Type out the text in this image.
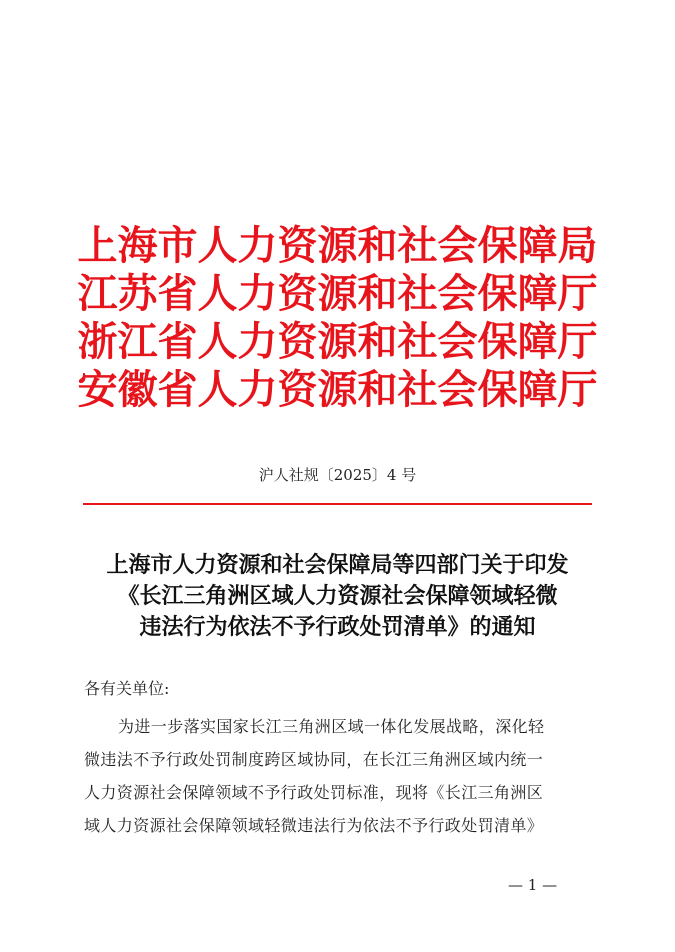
上海市人力资源和社会保障局
江苏省人力资源和社会保障厅
浙江省人力资源和社会保障厅
安徽省人力资源和社会保障厅
沪人社规〔2025〕4 号
上海市人力资源和社会保障局等四部门关于印发
《长江三角洲区域人力资源社会保障领域轻微
违法行为依法不予行政处罚清单》的通知
各有关单位:
为进一步落实国家长江三角洲区域一体化发展战略，深化轻
微违法不予行政处罚制度跨区域协同，在长江三角洲区域内统一
人力资源社会保障领域不予行政处罚标准，现将《长江三角洲区
域人力资源社会保障领域轻微违法行为依法不予行政处罚清单》
— 1 —
